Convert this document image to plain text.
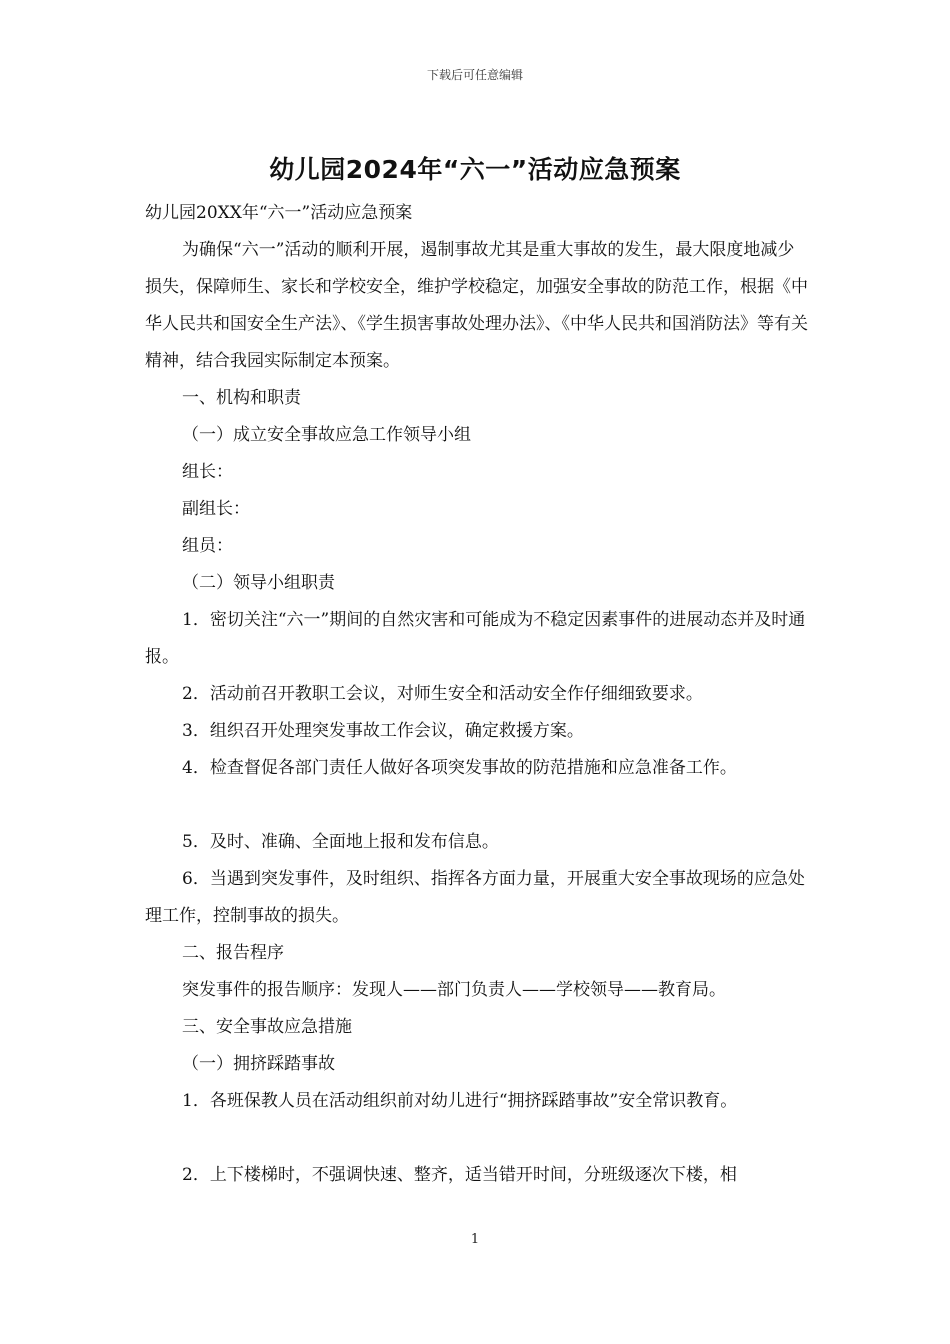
下载后可任意编辑
幼儿园2024年“六一”活动应急预案

幼儿园20XX年“六一”活动应急预案

为确保“六一”活动的顺利开展，遏制事故尤其是重大事故的发生，最大限度地减少损失，保障师生、家长和学校安全，维护学校稳定，加强安全事故的防范工作，根据《中华人民共和国安全生产法》、《学生损害事故处理办法》、《中华人民共和国消防法》等有关精神，结合我园实际制定本预案。

一、机构和职责

（一）成立安全事故应急工作领导小组

组长：

副组长：

组员：

（二）领导小组职责

1．密切关注“六一”期间的自然灾害和可能成为不稳定因素事件的进展动态并及时通报。

2．活动前召开教职工会议，对师生安全和活动安全作仔细细致要求。

3．组织召开处理突发事故工作会议，确定救援方案。

4．检查督促各部门责任人做好各项突发事故的防范措施和应急准备工作。

5．及时、准确、全面地上报和发布信息。

6．当遇到突发事件，及时组织、指挥各方面力量，开展重大安全事故现场的应急处理工作，控制事故的损失。

二、报告程序

突发事件的报告顺序：发现人——部门负责人——学校领导——教育局。

三、安全事故应急措施

（一）拥挤踩踏事故

1．各班保教人员在活动组织前对幼儿进行“拥挤踩踏事故”安全常识教育。

2．上下楼梯时，不强调快速、整齐，适当错开时间，分班级逐次下楼，相

1
